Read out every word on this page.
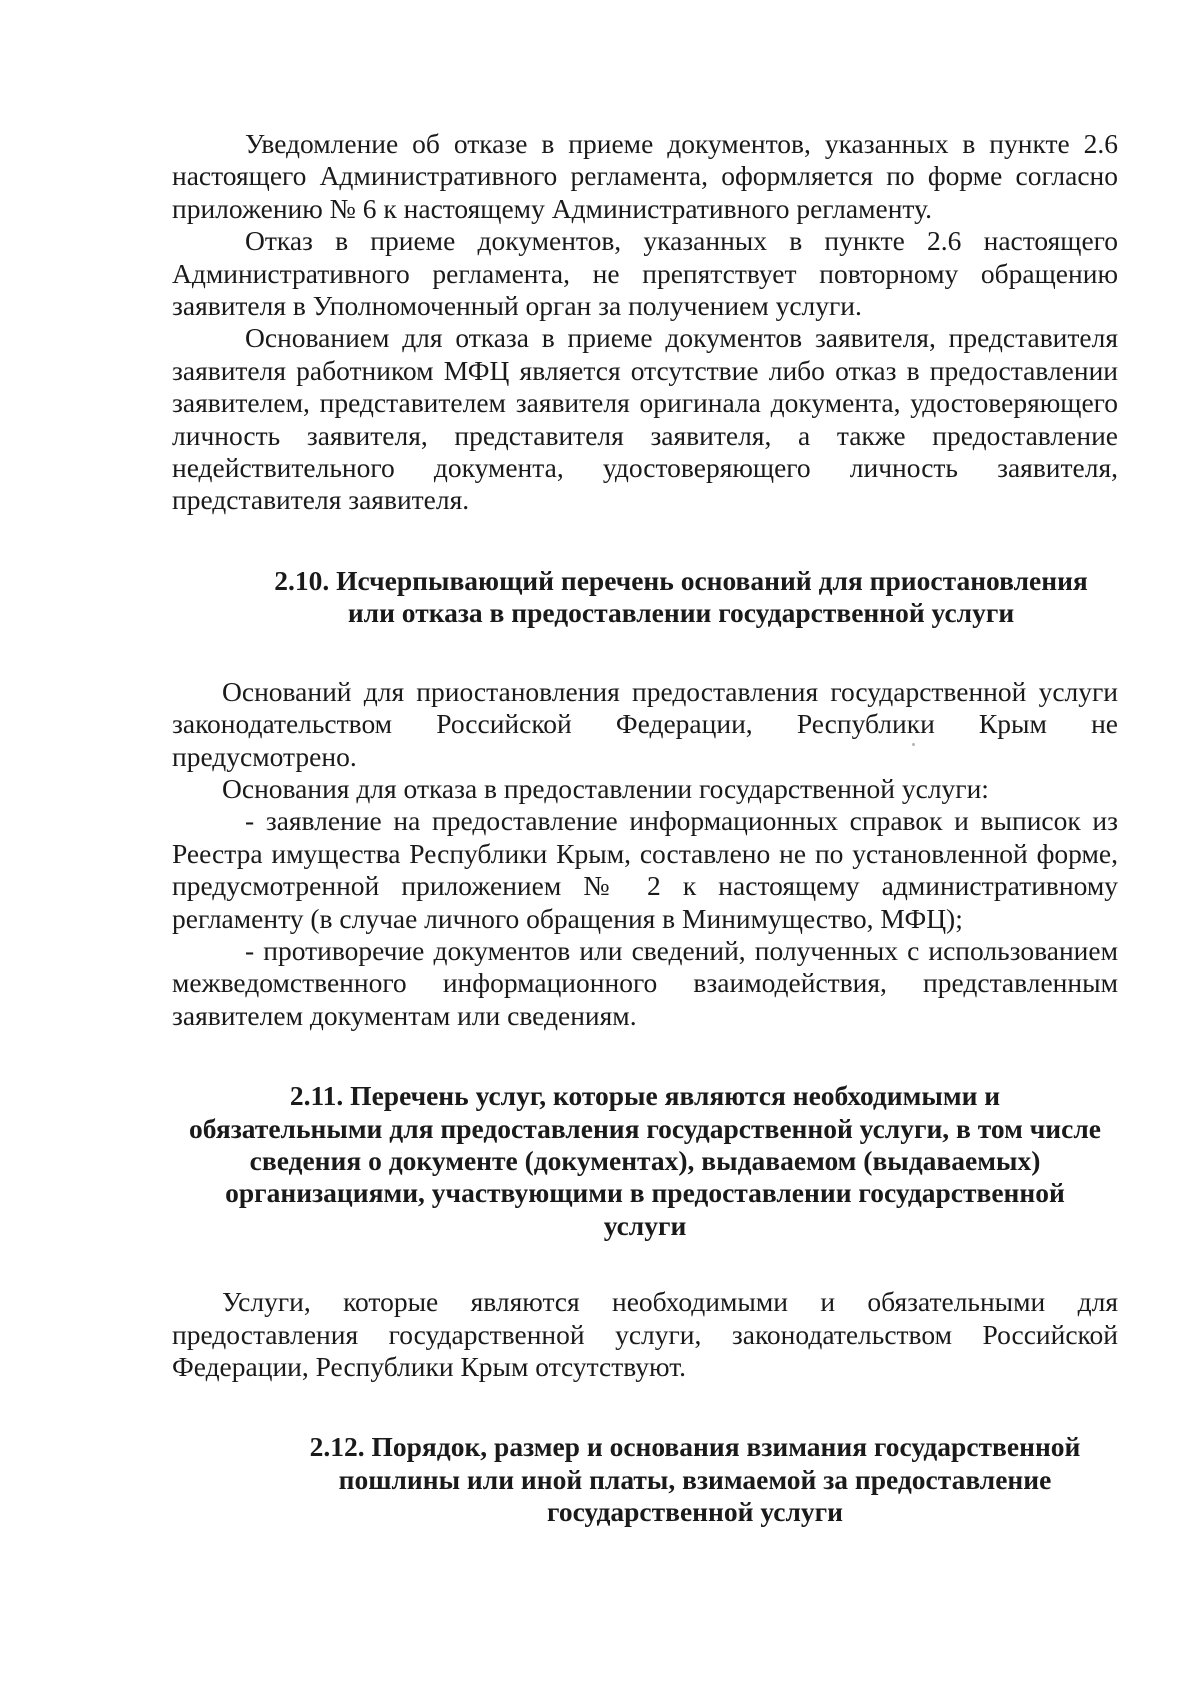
Уведомление об отказе в приеме документов, указанных в пункте 2.6 настоящего Административного регламента, оформляется по форме согласно приложению № 6 к настоящему Административного регламенту.

Отказ в приеме документов, указанных в пункте 2.6 настоящего Административного регламента, не препятствует повторному обращению заявителя в Уполномоченный орган за получением услуги.

Основанием для отказа в приеме документов заявителя, представителя заявителя работником МФЦ является отсутствие либо отказ в предоставлении заявителем, представителем заявителя оригинала документа, удостоверяющего личность заявителя, представителя заявителя, а также предоставление недействительного документа, удостоверяющего личность заявителя, представителя заявителя.

2.10. Исчерпывающий перечень оснований для приостановления
или отказа в предоставлении государственной услуги

Оснований для приостановления предоставления государственной услуги законодательством Российской Федерации, Республики Крым не предусмотрено.

Основания для отказа в предоставлении государственной услуги:

- заявление на предоставление информационных справок и выписок из Реестра имущества Республики Крым, составлено не по установленной форме, предусмотренной приложением № 2 к настоящему административному регламенту (в случае личного обращения в Минимущество, МФЦ);

- противоречие документов или сведений, полученных с использованием межведомственного информационного взаимодействия, представленным заявителем документам или сведениям.

2.11. Перечень услуг, которые являются необходимыми и
обязательными для предоставления государственной услуги, в том числе
сведения о документе (документах), выдаваемом (выдаваемых)
организациями, участвующими в предоставлении государственной
услуги

Услуги, которые являются необходимыми и обязательными для предоставления государственной услуги, законодательством Российской Федерации, Республики Крым отсутствуют.

2.12. Порядок, размер и основания взимания государственной
пошлины или иной платы, взимаемой за предоставление
государственной услуги
